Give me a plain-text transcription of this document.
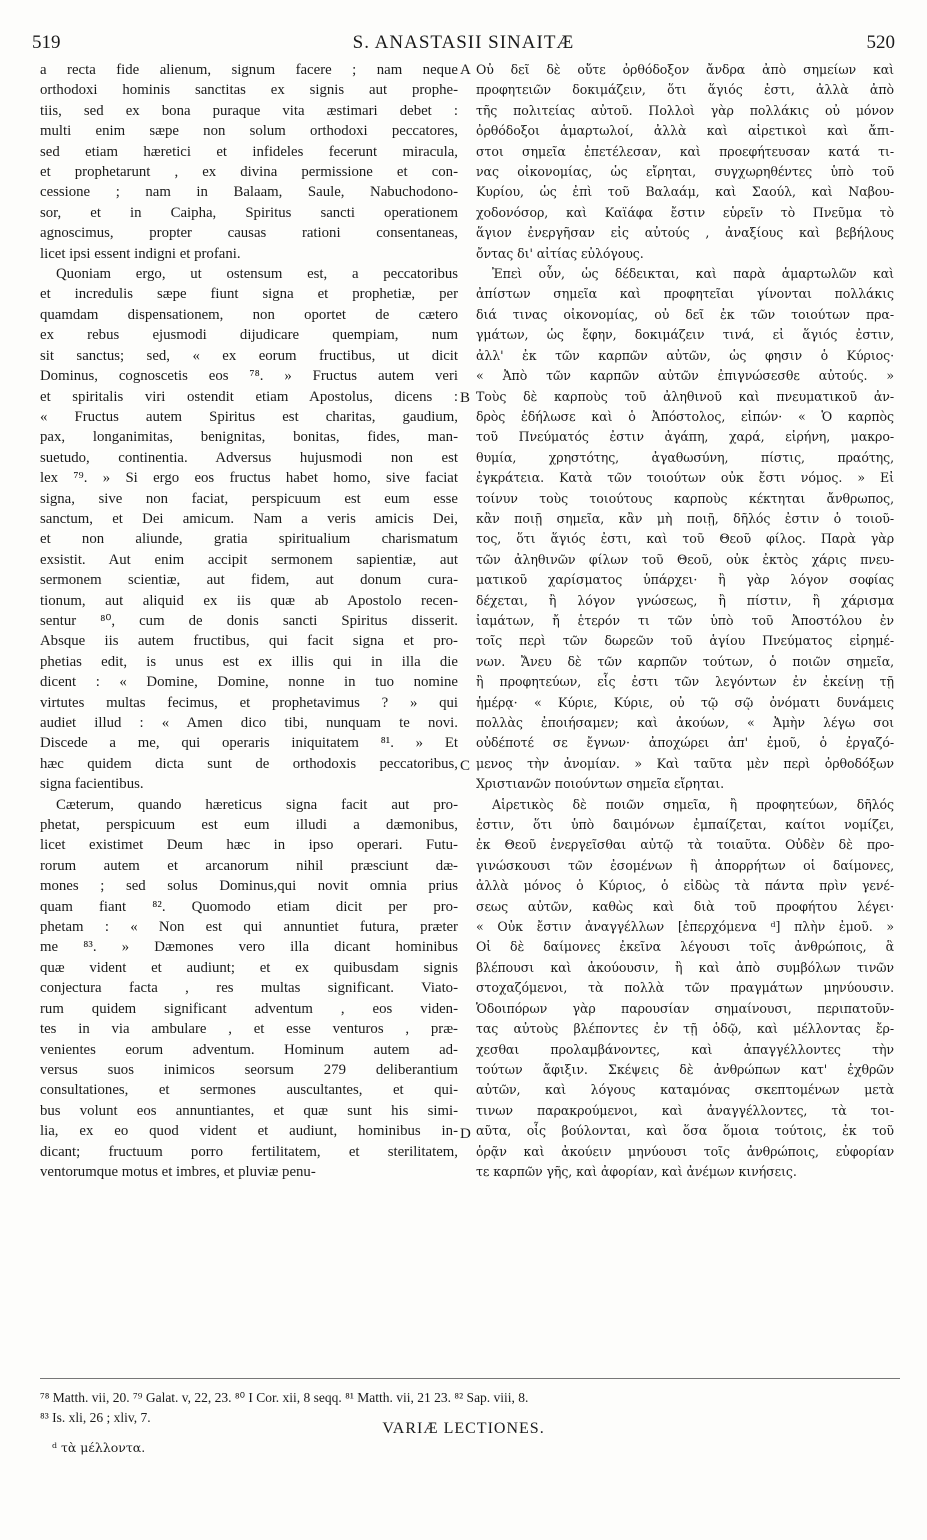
519	S. ANASTASII SINAITÆ	520
a recta fide alienum, signum facere ; nam neque
orthodoxi hominis sanctitas ex signis aut prophe-
tiis, sed ex bona puraque vita æstimari debet :
multi enim sæpe non solum orthodoxi peccatores,
sed etiam hæretici et infideles fecerunt miracula,
et prophetarunt , ex divina permissione et con-
cessione ; nam in Balaam, Saule, Nabuchodono-
sor, et in Caipha, Spiritus sancti operationem
agnoscimus, propter causas rationi consentaneas,
licet ipsi essent indigni et profani.
Quoniam ergo, ut ostensum est, a peccatoribus
et incredulis sæpe fiunt signa et prophetiæ, per
quamdam dispensationem, non oportet de cætero
ex rebus ejusmodi dijudicare quempiam, num
sit sanctus; sed, « ex eorum fructibus, ut dicit
Dominus, cognoscetis eos ⁷⁸. » Fructus autem veri
et spiritalis viri ostendit etiam Apostolus, dicens :
« Fructus autem Spiritus est charitas, gaudium,
pax, longanimitas, benignitas, bonitas, fides, man-
suetudo, continentia. Adversus hujusmodi non est
lex ⁷⁹. » Si ergo eos fructus habet homo, sive faciat
signa, sive non faciat, perspicuum est eum esse
sanctum, et Dei amicum. Nam a veris amicis Dei,
et non aliunde, gratia spiritualium charismatum
exsistit. Aut enim accipit sermonem sapientiæ, aut
sermonem scientiæ, aut fidem, aut donum cura-
tionum, aut aliquid ex iis quæ ab Apostolo recen-
sentur ⁸⁰, cum de donis sancti Spiritus disserit.
Absque iis autem fructibus, qui facit signa et pro-
phetias edit, is unus est ex illis qui in illa die
dicent : « Domine, Domine, nonne in tuo nomine
virtutes multas fecimus, et prophetavimus ? » qui
audiet illud : « Amen dico tibi, nunquam te novi.
Discede a me, qui operaris iniquitatem ⁸¹. » Et
hæc quidem dicta sunt de orthodoxis peccatoribus,
signa facientibus.
Cæterum, quando hæreticus signa facit aut pro-
phetat, perspicuum est eum illudi a dæmonibus,
licet existimet Deum hæc in ipso operari. Futu-
rorum autem et arcanorum nihil præsciunt dæ-
mones ; sed solus Dominus,qui novit omnia prius
quam fiant ⁸². Quomodo etiam dicit per pro-
phetam : « Non est qui annuntiet futura, præter
me ⁸³. » Dæmones vero illa dicant hominibus
quæ vident et audiunt; et ex quibusdam signis
conjectura facta , res multas significant. Viato-
rum quidem significant adventum , eos viden-
tes in via ambulare , et esse venturos , præ-
venientes eorum adventum. Hominum autem ad-
versus suos inimicos seorsum 279 deliberantium
consultationes, et sermones auscultantes, et qui-
bus volunt eos annuntiantes, et quæ sunt his simi-
lia, ex eo quod vident et audiunt, hominibus in-
dicant; fructuum porro fertilitatem, et sterilitatem,
ventorumque motus et imbres, et pluviæ penu-
Οὐ δεῖ δὲ οὔτε ὀρθόδοξον ἄνδρα ἀπὸ σημείων καὶ
προφητειῶν δοκιμάζειν, ὅτι ἅγιός ἐστι, ἀλλὰ ἀπὸ
τῆς πολιτείας αὐτοῦ. Πολλοὶ γὰρ πολλάκις οὐ μόνον
ὀρθόδοξοι ἁμαρτωλοί, ἀλλὰ καὶ αἱρετικοὶ καὶ ἄπι-
στοι σημεῖα ἐπετέλεσαν, καὶ προεφήτευσαν κατά τι-
νας οἰκονομίας, ὡς εἴρηται, συγχωρηθέντες ὑπὸ τοῦ
Κυρίου, ὡς ἐπὶ τοῦ Βαλαάμ, καὶ Σαούλ, καὶ Ναβου-
χοδονόσορ, καὶ Καϊάφα ἔστιν εὑρεῖν τὸ Πνεῦμα τὸ
ἅγιον ἐνεργῆσαν εἰς αὐτούς , ἀναξίους καὶ βεβήλους
ὄντας δι' αἰτίας εὐλόγους.
Ἐπεὶ οὖν, ὡς δέδεικται, καὶ παρὰ ἁμαρτωλῶν καὶ
ἀπίστων σημεῖα καὶ προφητεῖαι γίνονται πολλάκις
διά τινας οἰκονομίας, οὐ δεῖ ἐκ τῶν τοιούτων πρα-
γμάτων, ὡς ἔφην, δοκιμάζειν τινά, εἰ ἅγιός ἐστιν,
ἀλλ' ἐκ τῶν καρπῶν αὐτῶν, ὡς φησιν ὁ Κύριος·
« Ἀπὸ τῶν καρπῶν αὐτῶν ἐπιγνώσεσθε αὐτούς. »
Τοὺς δὲ καρποὺς τοῦ ἀληθινοῦ καὶ πνευματικοῦ ἀν-
δρὸς ἐδήλωσε καὶ ὁ Ἀπόστολος, εἰπών· « Ὁ καρπὸς
τοῦ Πνεύματός ἐστιν ἀγάπη, χαρά, εἰρήνη, μακρο-
θυμία, χρηστότης, ἀγαθωσύνη, πίστις, πραότης,
ἐγκράτεια. Κατὰ τῶν τοιούτων οὐκ ἔστι νόμος. » Εἰ
τοίνυν τοὺς τοιούτους καρποὺς κέκτηται ἄνθρωπος,
κἂν ποιῇ σημεῖα, κἂν μὴ ποιῇ, δῆλός ἐστιν ὁ τοιοῦ-
τος, ὅτι ἅγιός ἐστι, καὶ τοῦ Θεοῦ φίλος. Παρὰ γὰρ
τῶν ἀληθινῶν φίλων τοῦ Θεοῦ, οὐκ ἐκτὸς χάρις πνευ-
ματικοῦ χαρίσματος ὑπάρχει· ἢ γὰρ λόγον σοφίας
δέχεται, ἢ λόγον γνώσεως, ἢ πίστιν, ἢ χάρισμα
ἰαμάτων, ἤ ἑτερόν τι τῶν ὑπὸ τοῦ Ἀποστόλου ἐν
τοῖς περὶ τῶν δωρεῶν τοῦ ἁγίου Πνεύματος εἰρημέ-
νων. Ἄνευ δὲ τῶν καρπῶν τούτων, ὁ ποιῶν σημεῖα,
ἢ προφητεύων, εἷς ἐστι τῶν λεγόντων ἐν ἐκείνῃ τῇ
ἡμέρᾳ· « Κύριε, Κύριε, οὐ τῷ σῷ ὀνόματι δυνάμεις
πολλὰς ἐποιήσαμεν; καὶ ἀκούων, « Ἀμὴν λέγω σοι
οὐδέποτέ σε ἔγνων· ἀποχώρει ἀπ' ἐμοῦ, ὁ ἐργαζό-
μενος τὴν ἀνομίαν. » Καὶ ταῦτα μὲν περὶ ὀρθοδόξων
Χριστιανῶν ποιούντων σημεῖα εἴρηται.
Αἱρετικὸς δὲ ποιῶν σημεῖα, ἢ προφητεύων, δῆλός
ἐστιν, ὅτι ὑπὸ δαιμόνων ἐμπαίζεται, καίτοι νομίζει,
ἐκ Θεοῦ ἐνεργεῖσθαι αὐτῷ τὰ τοιαῦτα. Οὐδὲν δὲ προ-
γινώσκουσι τῶν ἐσομένων ἢ ἀπορρήτων οἱ δαίμονες,
ἀλλὰ μόνος ὁ Κύριος, ὁ εἰδὼς τὰ πάντα πρὶν γενέ-
σεως αὐτῶν, καθὼς καὶ διὰ τοῦ προφήτου λέγει·
« Οὐκ ἔστιν ἀναγγέλλων [ἐπερχόμενα ᵈ] πλὴν ἐμοῦ. »
Οἱ δὲ δαίμονες ἐκεῖνα λέγουσι τοῖς ἀνθρώποις, ἃ
βλέπουσι καὶ ἀκούουσιν, ἢ καὶ ἀπὸ συμβόλων τινῶν
στοχαζόμενοι, τὰ πολλὰ τῶν πραγμάτων μηνύουσιν.
Ὁδοιπόρων γὰρ παρουσίαν σημαίνουσι, περιπατοῦν-
τας αὐτοὺς βλέποντες ἐν τῇ ὁδῷ, καὶ μέλλοντας ἔρ-
χεσθαι προλαμβάνοντες, καὶ ἀπαγγέλλοντες τὴν
τούτων ἄφιξιν. Σκέψεις δὲ ἀνθρώπων κατ' ἐχθρῶν
αὐτῶν, καὶ λόγους καταμόνας σκεπτομένων μετὰ
τινων παρακρούμενοι, καὶ ἀναγγέλλοντες, τὰ τοι-
αῦτα, οἷς βούλονται, καὶ ὅσα ὅμοια τούτοις, ἐκ τοῦ
ὁρᾷν καὶ ἀκούειν μηνύουσι τοῖς ἀνθρώποις, εὐφορίαν
τε καρπῶν γῆς, καὶ ἀφορίαν, καὶ ἀνέμων κινήσεις.
A
B
C
D
⁷⁸ Matth. vii, 20. ⁷⁹ Galat. v, 22, 23. ⁸⁰ I Cor. xii, 8 seqq. ⁸¹ Matth. vii, 21 23. ⁸² Sap. viii, 8.
⁸³ Is. xli, 26 ; xliv, 7.
VARIÆ LECTIONES.
ᵈ τὰ μέλλοντα.
